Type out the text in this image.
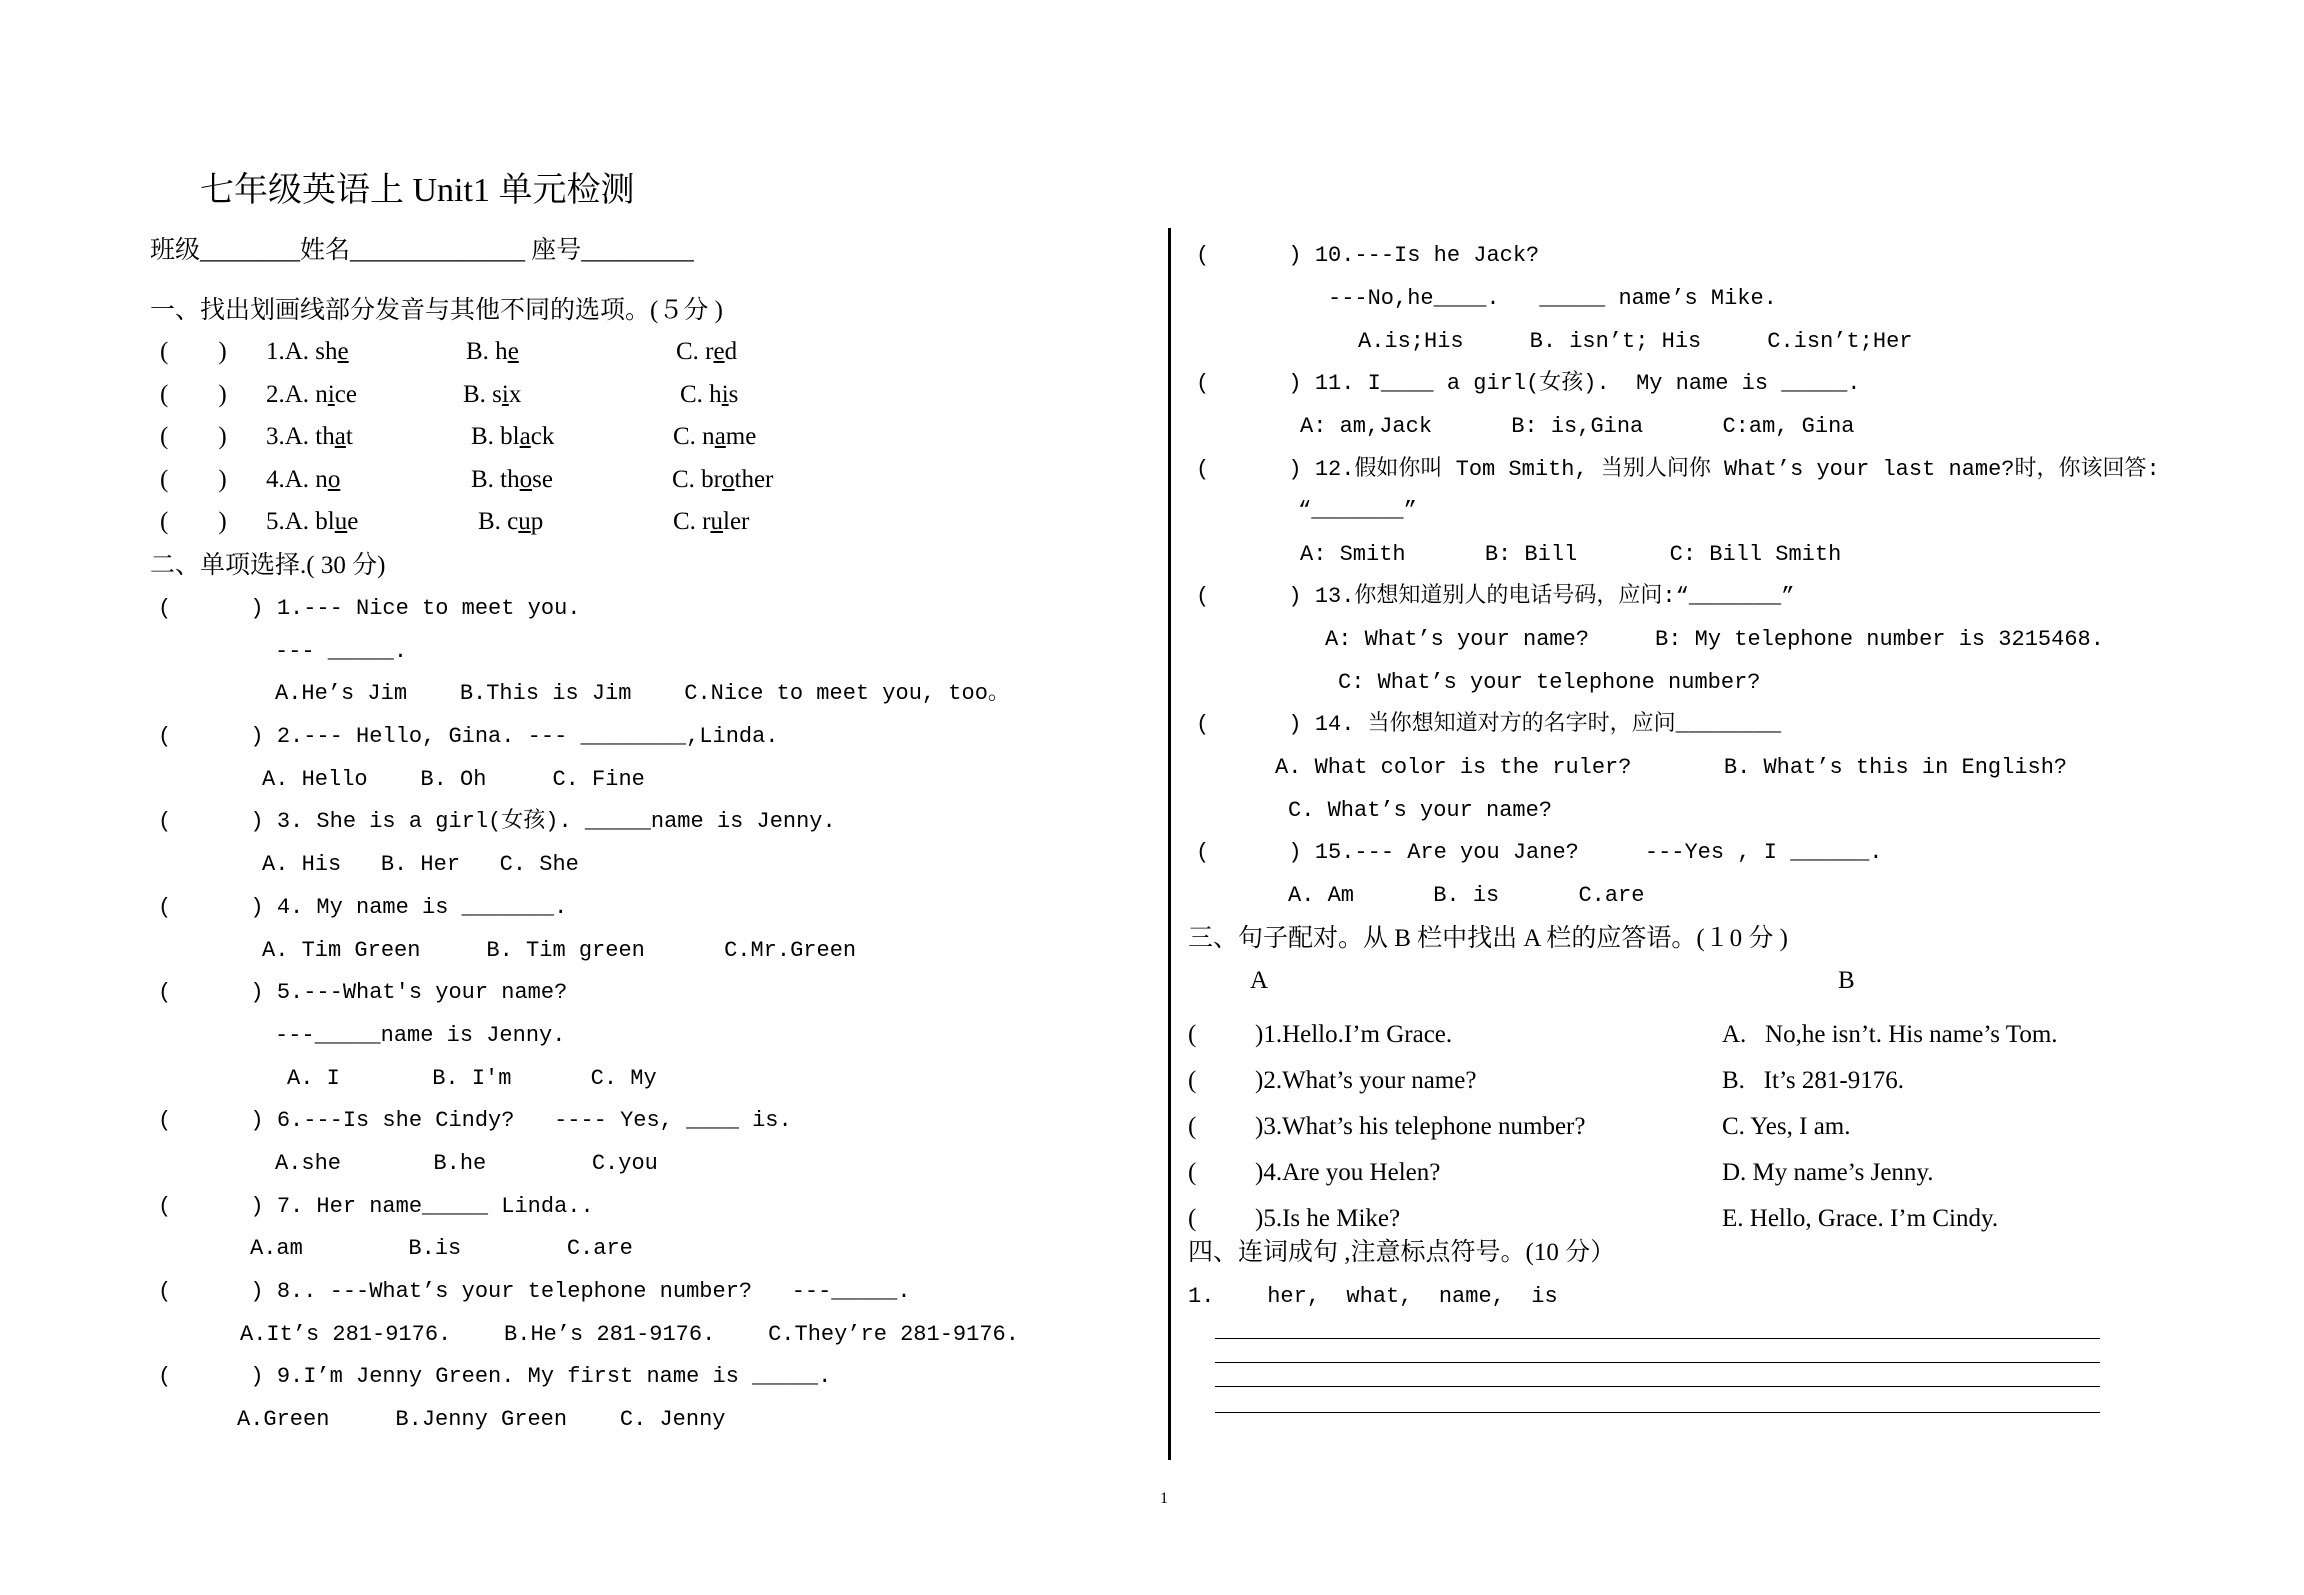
七年级英语上 Unit1 单元检测
班级________姓名______________ 座号_________
一、找出划画线部分发音与其他不同的选项。(５分 )
(　　) 1.A. she	B. he	C. red
(　　) 2.A. nice	B. six	C. his
(　　) 3.A. that	B. black	C. name
(　　) 4.A. no	B. those	C. brother
(　　) 5.A. blue	B. cup	C. ruler
二、单项选择.( 30 分)
(      ) 1.--- Nice to meet you.
--- _____.
A.He’s Jim    B.This is Jim    C.Nice to meet you, too。
(      ) 2.--- Hello, Gina. --- ________,Linda.
A. Hello    B. Oh     C. Fine
(      ) 3. She is a girl(女孩). _____name is Jenny.
A. His   B. Her   C. She
(      ) 4. My name is _______.
A. Tim Green     B. Tim green      C.Mr.Green
(      ) 5.---What's your name?
---_____name is Jenny.
A. I       B. I'm      C. My
(      ) 6.---Is she Cindy?   ---- Yes, ____ is.
A.she       B.he        C.you
(      ) 7. Her name_____ Linda..
A.am        B.is        C.are
(      ) 8.. ---What’s your telephone number?   ---_____.
A.It’s 281-9176.    B.He’s 281-9176.    C.They’re 281-9176.
(      ) 9.I’m Jenny Green. My first name is _____.
A.Green     B.Jenny Green    C. Jenny
(      ) 10.---Is he Jack?
---No,he____.   _____ name’s Mike.
A.is;His     B. isn’t; His     C.isn’t;Her
(      ) 11. I____ a girl(女孩).  My name is _____.
A: am,Jack      B: is,Gina      C:am, Gina
(      ) 12.假如你叫 Tom Smith, 当别人问你 What’s your last name?时，你该回答:
“_______”
A: Smith      B: Bill       C: Bill Smith
(      ) 13.你想知道别人的电话号码，应问:“_______”
A: What’s your name?     B: My telephone number is 3215468.
C: What’s your telephone number?
(      ) 14. 当你想知道对方的名字时，应问________
A. What color is the ruler?       B. What’s this in English?
C. What’s your name?
(      ) 15.--- Are you Jane?     ---Yes , I ______.
A. Am      B. is      C.are
三、句子配对。从 B 栏中找出 A 栏的应答语。(１0 分 )
A	B
( )1.Hello.I’m Grace.	A.   No,he isn’t. His name’s Tom.
( )2.What’s your name?	B.   It’s 281-9176.
( )3.What’s his telephone number?	C. Yes, I am.
( )4.Are you Helen?	D. My name’s Jenny.
( )5.Is he Mike?	E. Hello, Grace. I’m Cindy.
四、连词成句 ,注意标点符号。(10 分）
1.    her,  what,  name,  is
1
